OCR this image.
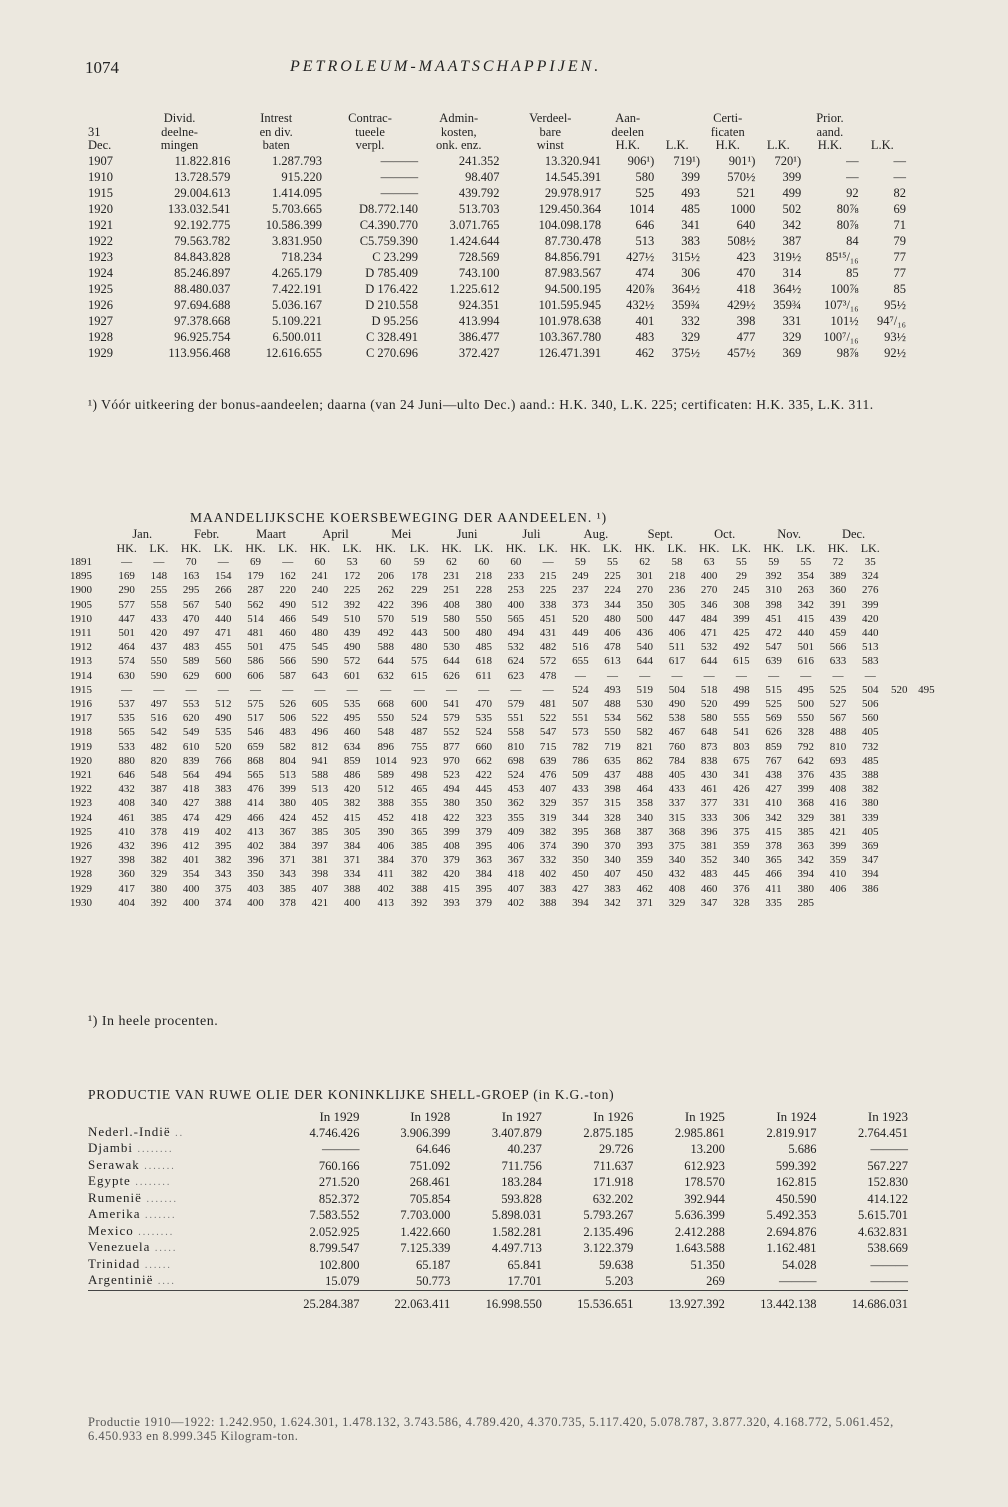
1074	PETROLEUM-MAATSCHAPPIJEN.
	Divid.	Intrest	Contrac-	Admin-	Verdeel-	Aan-		Certi-		Prior.	
31	deelne-	en div.	tueele	kosten,	bare	deelen		ficaten		aand.	
Dec.	mingen	baten	verpl.	onk. enz.	winst	H.K.	L.K.	H.K.	L.K.	H.K.	L.K.
1907	11.822.816	1.287.793	———	241.352	13.320.941	906¹)	719¹)	901¹)	720¹)	—	—
1910	13.728.579	915.220	———	98.407	14.545.391	580	399	570½	399	—	—
1915	29.004.613	1.414.095	———	439.792	29.978.917	525	493	521	499	92	82
1920	133.032.541	5.703.665	D8.772.140	513.703	129.450.364	1014	485	1000	502	80⅞	69
1921	92.192.775	10.586.399	C4.390.770	3.071.765	104.098.178	646	341	640	342	80⅞	71
1922	79.563.782	3.831.950	C5.759.390	1.424.644	87.730.478	513	383	508½	387	84	79
1923	84.843.828	718.234	C 23.299	728.569	84.856.791	427½	315½	423	319½	85¹⁵/₁₆	77
1924	85.246.897	4.265.179	D 785.409	743.100	87.983.567	474	306	470	314	85	77
1925	88.480.037	7.422.191	D 176.422	1.225.612	94.500.195	420⅞	364½	418	364½	100⅞	85
1926	97.694.688	5.036.167	D 210.558	924.351	101.595.945	432½	359¾	429½	359¾	107³/₁₆	95½
1927	97.378.668	5.109.221	D 95.256	413.994	101.978.638	401	332	398	331	101½	94⁷/₁₆
1928	96.925.754	6.500.011	C 328.491	386.477	103.367.780	483	329	477	329	100⁷/₁₆	93½
1929	113.956.468	12.616.655	C 270.696	372.427	126.471.391	462	375½	457½	369	98⅞	92½
¹) Vóór uitkeering der bonus-aandeelen; daarna (van 24 Juni—ulto Dec.) aand.: H.K. 340, L.K. 225; certificaten: H.K. 335, L.K. 311.
MAANDELIJKSCHE KOERSBEWEGING DER AANDEELEN. ¹)
	Jan.		Febr.		Maart		April		Mei		Juni		Juli		Aug.		Sept.		Oct.		Nov.		Dec.			
	HK.	LK.	HK.	LK.	HK.	LK.	HK.	LK.	HK.	LK.	HK.	LK.	HK.	LK.	HK.	LK.	HK.	LK.	HK.	LK.	HK.	LK.	HK.	LK.		
1891	—	—	70	—	69	—	60	53	60	59	62	60	60	—	59	55	62	58	63	55	59	55	72	35		
1895	169	148	163	154	179	162	241	172	206	178	231	218	233	215	249	225	301	218	400	29	392	354	389	324		
1900	290	255	295	266	287	220	240	225	262	229	251	228	253	225	237	224	270	236	270	245	310	263	360	276		
1905	577	558	567	540	562	490	512	392	422	396	408	380	400	338	373	344	350	305	346	308	398	342	391	399		
1910	447	433	470	440	514	466	549	510	570	519	580	550	565	451	520	480	500	447	484	399	451	415	439	420		
1911	501	420	497	471	481	460	480	439	492	443	500	480	494	431	449	406	436	406	471	425	472	440	459	440		
1912	464	437	483	455	501	475	545	490	588	480	530	485	532	482	516	478	540	511	532	492	547	501	566	513		
1913	574	550	589	560	586	566	590	572	644	575	644	618	624	572	655	613	644	617	644	615	639	616	633	583		
1914	630	590	629	600	606	587	643	601	632	615	626	611	623	478	—	—	—	—	—	—	—	—	—	—		
1915	—	—	—	—	—	—	—	—	—	—	—	—	—	—	524	493	519	504	518	498	515	495	525	504	520	495
1916	537	497	553	512	575	526	605	535	668	600	541	470	579	481	507	488	530	490	520	499	525	500	527	506		
1917	535	516	620	490	517	506	522	495	550	524	579	535	551	522	551	534	562	538	580	555	569	550	567	560		
1918	565	542	549	535	546	483	496	460	548	487	552	524	558	547	573	550	582	467	648	541	626	328	488	405		
1919	533	482	610	520	659	582	812	634	896	755	877	660	810	715	782	719	821	760	873	803	859	792	810	732		
1920	880	820	839	766	868	804	941	859	1014	923	970	662	698	639	786	635	862	784	838	675	767	642	693	485		
1921	646	548	564	494	565	513	588	486	589	498	523	422	524	476	509	437	488	405	430	341	438	376	435	388		
1922	432	387	418	383	476	399	513	420	512	465	494	445	453	407	433	398	464	433	461	426	427	399	408	382		
1923	408	340	427	388	414	380	405	382	388	355	380	350	362	329	357	315	358	337	377	331	410	368	416	380		
1924	461	385	474	429	466	424	452	415	452	418	422	323	355	319	344	328	340	315	333	306	342	329	381	339		
1925	410	378	419	402	413	367	385	305	390	365	399	379	409	382	395	368	387	368	396	375	415	385	421	405		
1926	432	396	412	395	402	384	397	384	406	385	408	395	406	374	390	370	393	375	381	359	378	363	399	369		
1927	398	382	401	382	396	371	381	371	384	370	379	363	367	332	350	340	359	340	352	340	365	342	359	347		
1928	360	329	354	343	350	343	398	334	411	382	420	384	418	402	450	407	450	432	483	445	466	394	410	394		
1929	417	380	400	375	403	385	407	388	402	388	415	395	407	383	427	383	462	408	460	376	411	380	406	386		
1930	404	392	400	374	400	378	421	400	413	392	393	379	402	388	394	342	371	329	347	328	335	285				
¹) In heele procenten.
PRODUCTIE VAN RUWE OLIE DER KONINKLIJKE SHELL-GROEP (in K.G.-ton)
	In 1929	In 1928	In 1927	In 1926	In 1925	In 1924	In 1923
Nederl.-Indië ..	4.746.426	3.906.399	3.407.879	2.875.185	2.985.861	2.819.917	2.764.451
Djambi ........	———	64.646	40.237	29.726	13.200	5.686	———
Serawak .......	760.166	751.092	711.756	711.637	612.923	599.392	567.227
Egypte ........	271.520	268.461	183.284	171.918	178.570	162.815	152.830
Rumenië .......	852.372	705.854	593.828	632.202	392.944	450.590	414.122
Amerika .......	7.583.552	7.703.000	5.898.031	5.793.267	5.636.399	5.492.353	5.615.701
Mexico ........	2.052.925	1.422.660	1.582.281	2.135.496	2.412.288	2.694.876	4.632.831
Venezuela .....	8.799.547	7.125.339	4.497.713	3.122.379	1.643.588	1.162.481	538.669
Trinidad ......	102.800	65.187	65.841	59.638	51.350	54.028	———
Argentinië ....	15.079	50.773	17.701	5.203	269	———	———
	25.284.387	22.063.411	16.998.550	15.536.651	13.927.392	13.442.138	14.686.031
Productie 1910—1922: 1.242.950, 1.624.301, 1.478.132, 3.743.586, 4.789.420, 4.370.735, 5.117.420, 5.078.787, 3.877.320, 4.168.772, 5.061.452, 6.450.933 en 8.999.345 Kilogram-ton.
